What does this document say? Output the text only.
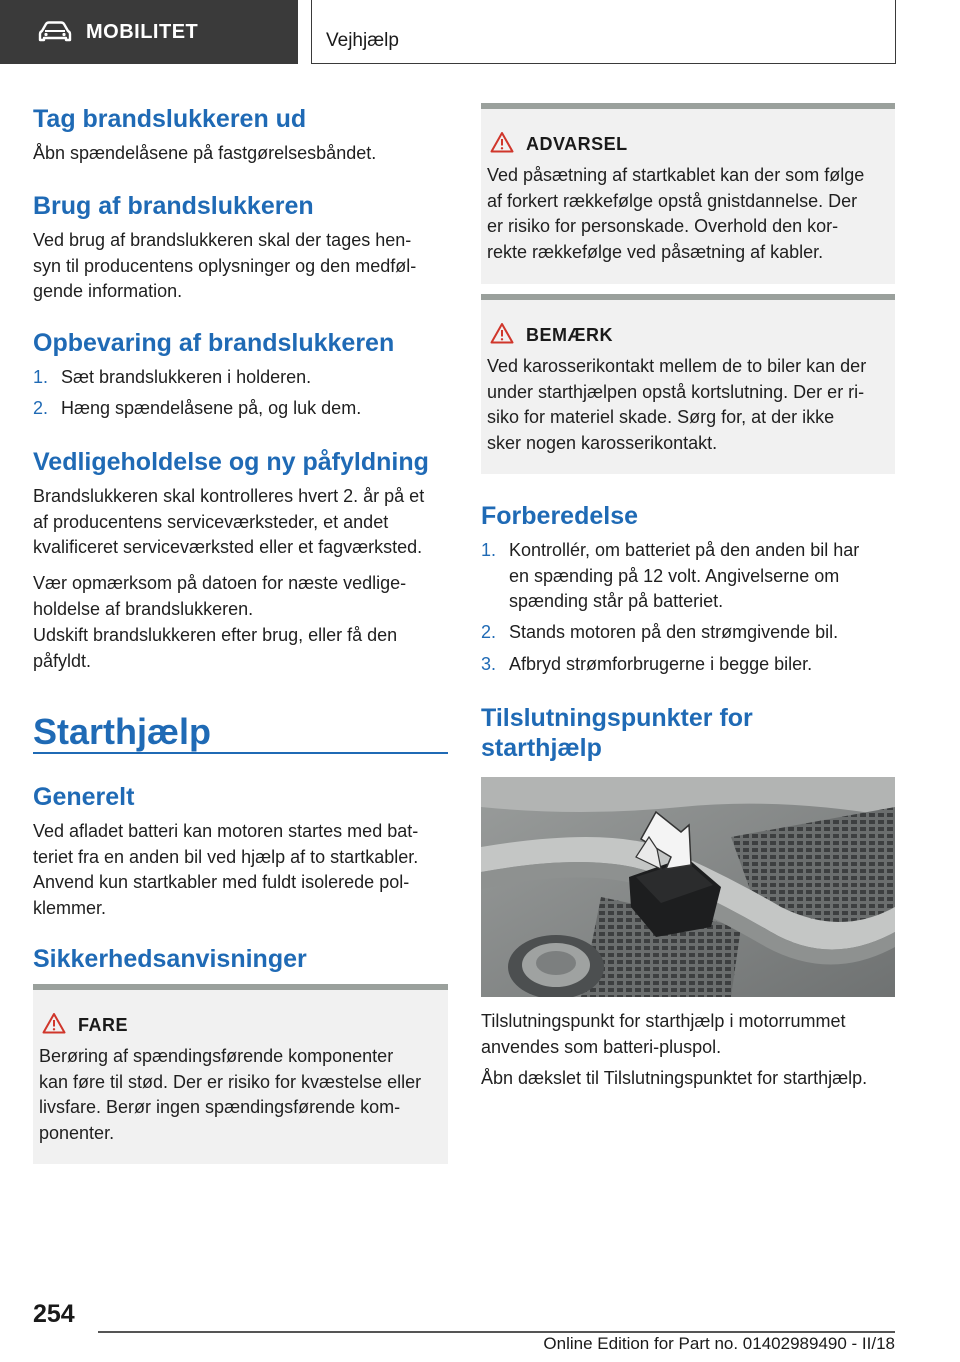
MOBILITET	Vejhjælp
Tag brandslukkeren ud
Åbn spændelåsene på fastgørelsesbåndet.
Brug af brandslukkeren
Ved brug af brandslukkeren skal der tages hen-
syn til producentens oplysninger og den medføl-
gende information.
Opbevaring af brandslukkeren
1. Sæt brandslukkeren i holderen.
2. Hæng spændelåsene på, og luk dem.
Vedligeholdelse og ny påfyldning
Brandslukkeren skal kontrolleres hvert 2. år på et
af producentens serviceværksteder, et andet
kvalificeret serviceværksted eller et fagværksted.
Vær opmærksom på datoen for næste vedlige-
holdelse af brandslukkeren.
Udskift brandslukkeren efter brug, eller få den
påfyldt.
Starthjælp
Generelt
Ved afladet batteri kan motoren startes med bat-
teriet fra en anden bil ved hjælp af to startkabler.
Anvend kun startkabler med fuldt isolerede pol-
klemmer.
Sikkerhedsanvisninger
FARE
Berøring af spændingsførende komponenter
kan føre til stød. Der er risiko for kvæstelse eller
livsfare. Berør ingen spændingsførende kom-
ponenter.
ADVARSEL
Ved påsætning af startkablet kan der som følge
af forkert rækkefølge opstå gnistdannelse. Der
er risiko for personskade. Overhold den kor-
rekte rækkefølge ved påsætning af kabler.
BEMÆRK
Ved karosserikontakt mellem de to biler kan der
under starthjælpen opstå kortslutning. Der er ri-
siko for materiel skade. Sørg for, at der ikke
sker nogen karosserikontakt.
Forberedelse
1. Kontrollér, om batteriet på den anden bil har
en spænding på 12 volt. Angivelserne om
spænding står på batteriet.
2. Stands motoren på den strømgivende bil.
3. Afbryd strømforbrugerne i begge biler.
Tilslutningspunkter for
starthjælp
Tilslutningspunkt for starthjælp i motorrummet
anvendes som batteri-pluspol.
Åbn dækslet til Tilslutningspunktet for starthjælp.
254
Online Edition for Part no. 01402989490 - II/18
